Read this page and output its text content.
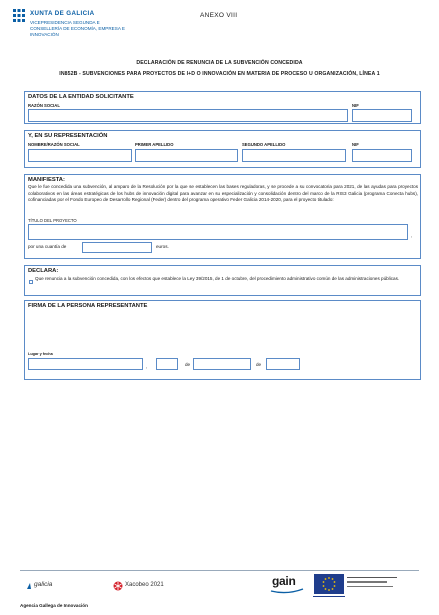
XUNTA DE GALICIA
VICEPRESIDENCIA SEGUNDA E CONSELLERÍA DE ECONOMÍA, EMPRESA E INNOVACIÓN
ANEXO VIII
DECLARACIÓN DE RENUNCIA DE LA SUBVENCIÓN CONCEDIDA
IN852B - SUBVENCIONES PARA PROYECTOS DE I+D O INNOVACIÓN EN MATERIA DE PROCESO U ORGANIZACIÓN, LÍNEA 1
DATOS DE LA ENTIDAD SOLICITANTE
RAZÓN SOCIAL	NIF
Y, EN SU REPRESENTACIÓN
NOMBRE/RAZÓN SOCIAL	PRIMER APELLIDO	SEGUNDO APELLIDO	NIF
MANIFIESTA:
Que le fue concedida una subvención, al amparo de la Resolución por la que se establecen las bases reguladoras, y se procede a su convocatoria para 2021, de las ayudas para proyectos colaborativos en las áreas estratégicas de los hubs de innovación digital para avanzar en su especialización y consolidación dentro del marco de la RIS3 Galicia (programa Conecta hubs), cofinanciadas por el Fondo Europeo de Desarrollo Regional (Feder) dentro del programa operativo Feder Galicia 2014-2020, para el proyecto titulado:
TÍTULO DEL PROYECTO
,
por una cuantía de	euros.
DECLARA:
Que renuncia a la subvención concedida, con los efectos que establece la Ley 39/2015, de 1 de octubre, del procedimiento administrativo común de las administraciones públicas.
FIRMA DE LA PERSONA REPRESENTANTE
Lugar y fecha
,	de	de
galicia	Xacobeo 2021	gain
Agencia Gallega de Innovación
